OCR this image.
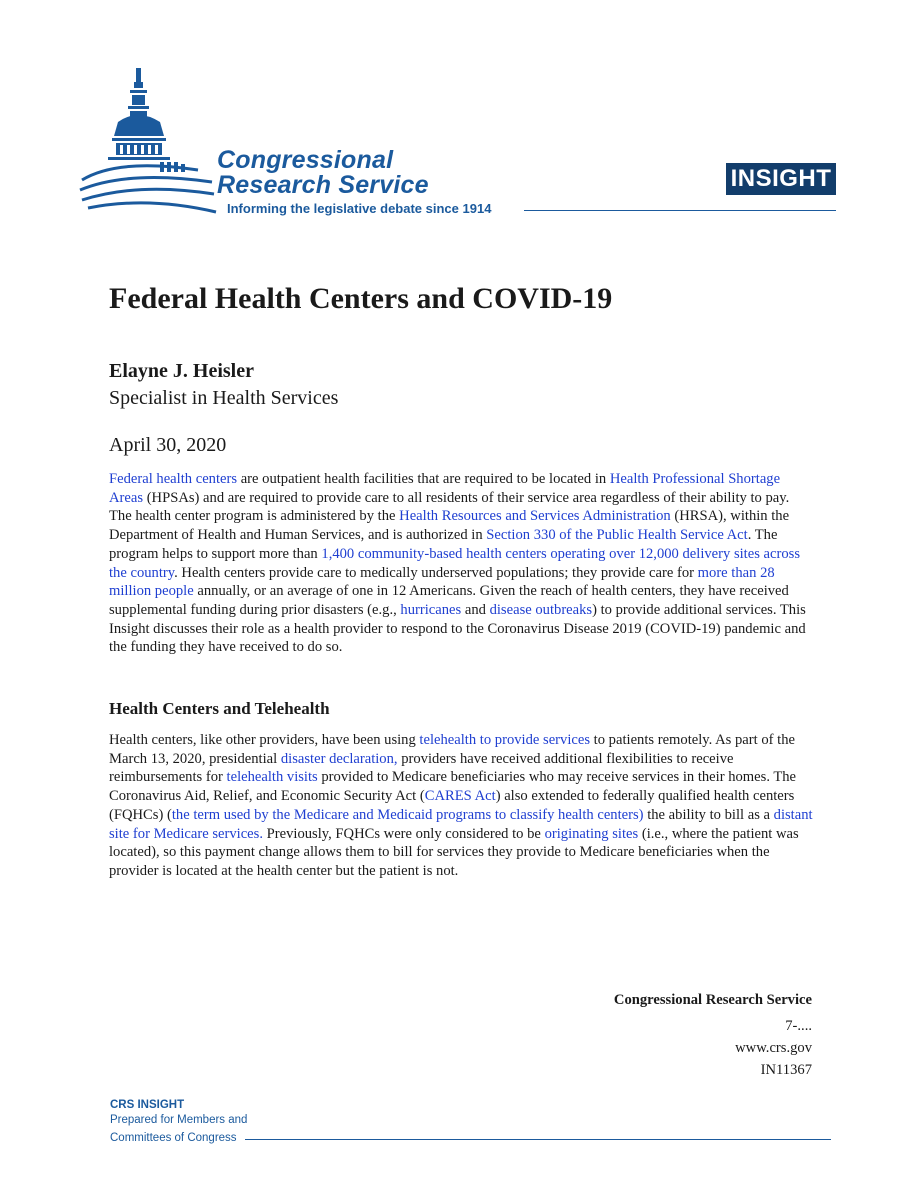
Congressional
Research Service
Informing the legislative debate since 1914
INSIGHT
Federal Health Centers and COVID-19
Elayne J. Heisler
Specialist in Health Services
April 30, 2020
Federal health centers are outpatient health facilities that are required to be located in Health Professional Shortage Areas (HPSAs) and are required to provide care to all residents of their service area regardless of their ability to pay. The health center program is administered by the Health Resources and Services Administration (HRSA), within the Department of Health and Human Services, and is authorized in Section 330 of the Public Health Service Act. The program helps to support more than 1,400 community-based health centers operating over 12,000 delivery sites across the country. Health centers provide care to medically underserved populations; they provide care for more than 28 million people annually, or an average of one in 12 Americans. Given the reach of health centers, they have received supplemental funding during prior disasters (e.g., hurricanes and disease outbreaks) to provide additional services. This Insight discusses their role as a health provider to respond to the Coronavirus Disease 2019 (COVID-19) pandemic and the funding they have received to do so.
Health Centers and Telehealth
Health centers, like other providers, have been using telehealth to provide services to patients remotely. As part of the March 13, 2020, presidential disaster declaration, providers have received additional flexibilities to receive reimbursements for telehealth visits provided to Medicare beneficiaries who may receive services in their homes. The Coronavirus Aid, Relief, and Economic Security Act (CARES Act) also extended to federally qualified health centers (FQHCs) (the term used by the Medicare and Medicaid programs to classify health centers) the ability to bill as a distant site for Medicare services. Previously, FQHCs were only considered to be originating sites (i.e., where the patient was located), so this payment change allows them to bill for services they provide to Medicare beneficiaries when the provider is located at the health center but the patient is not.
Congressional Research Service
7-....
www.crs.gov
IN11367
CRS INSIGHT
Prepared for Members and
Committees of Congress
